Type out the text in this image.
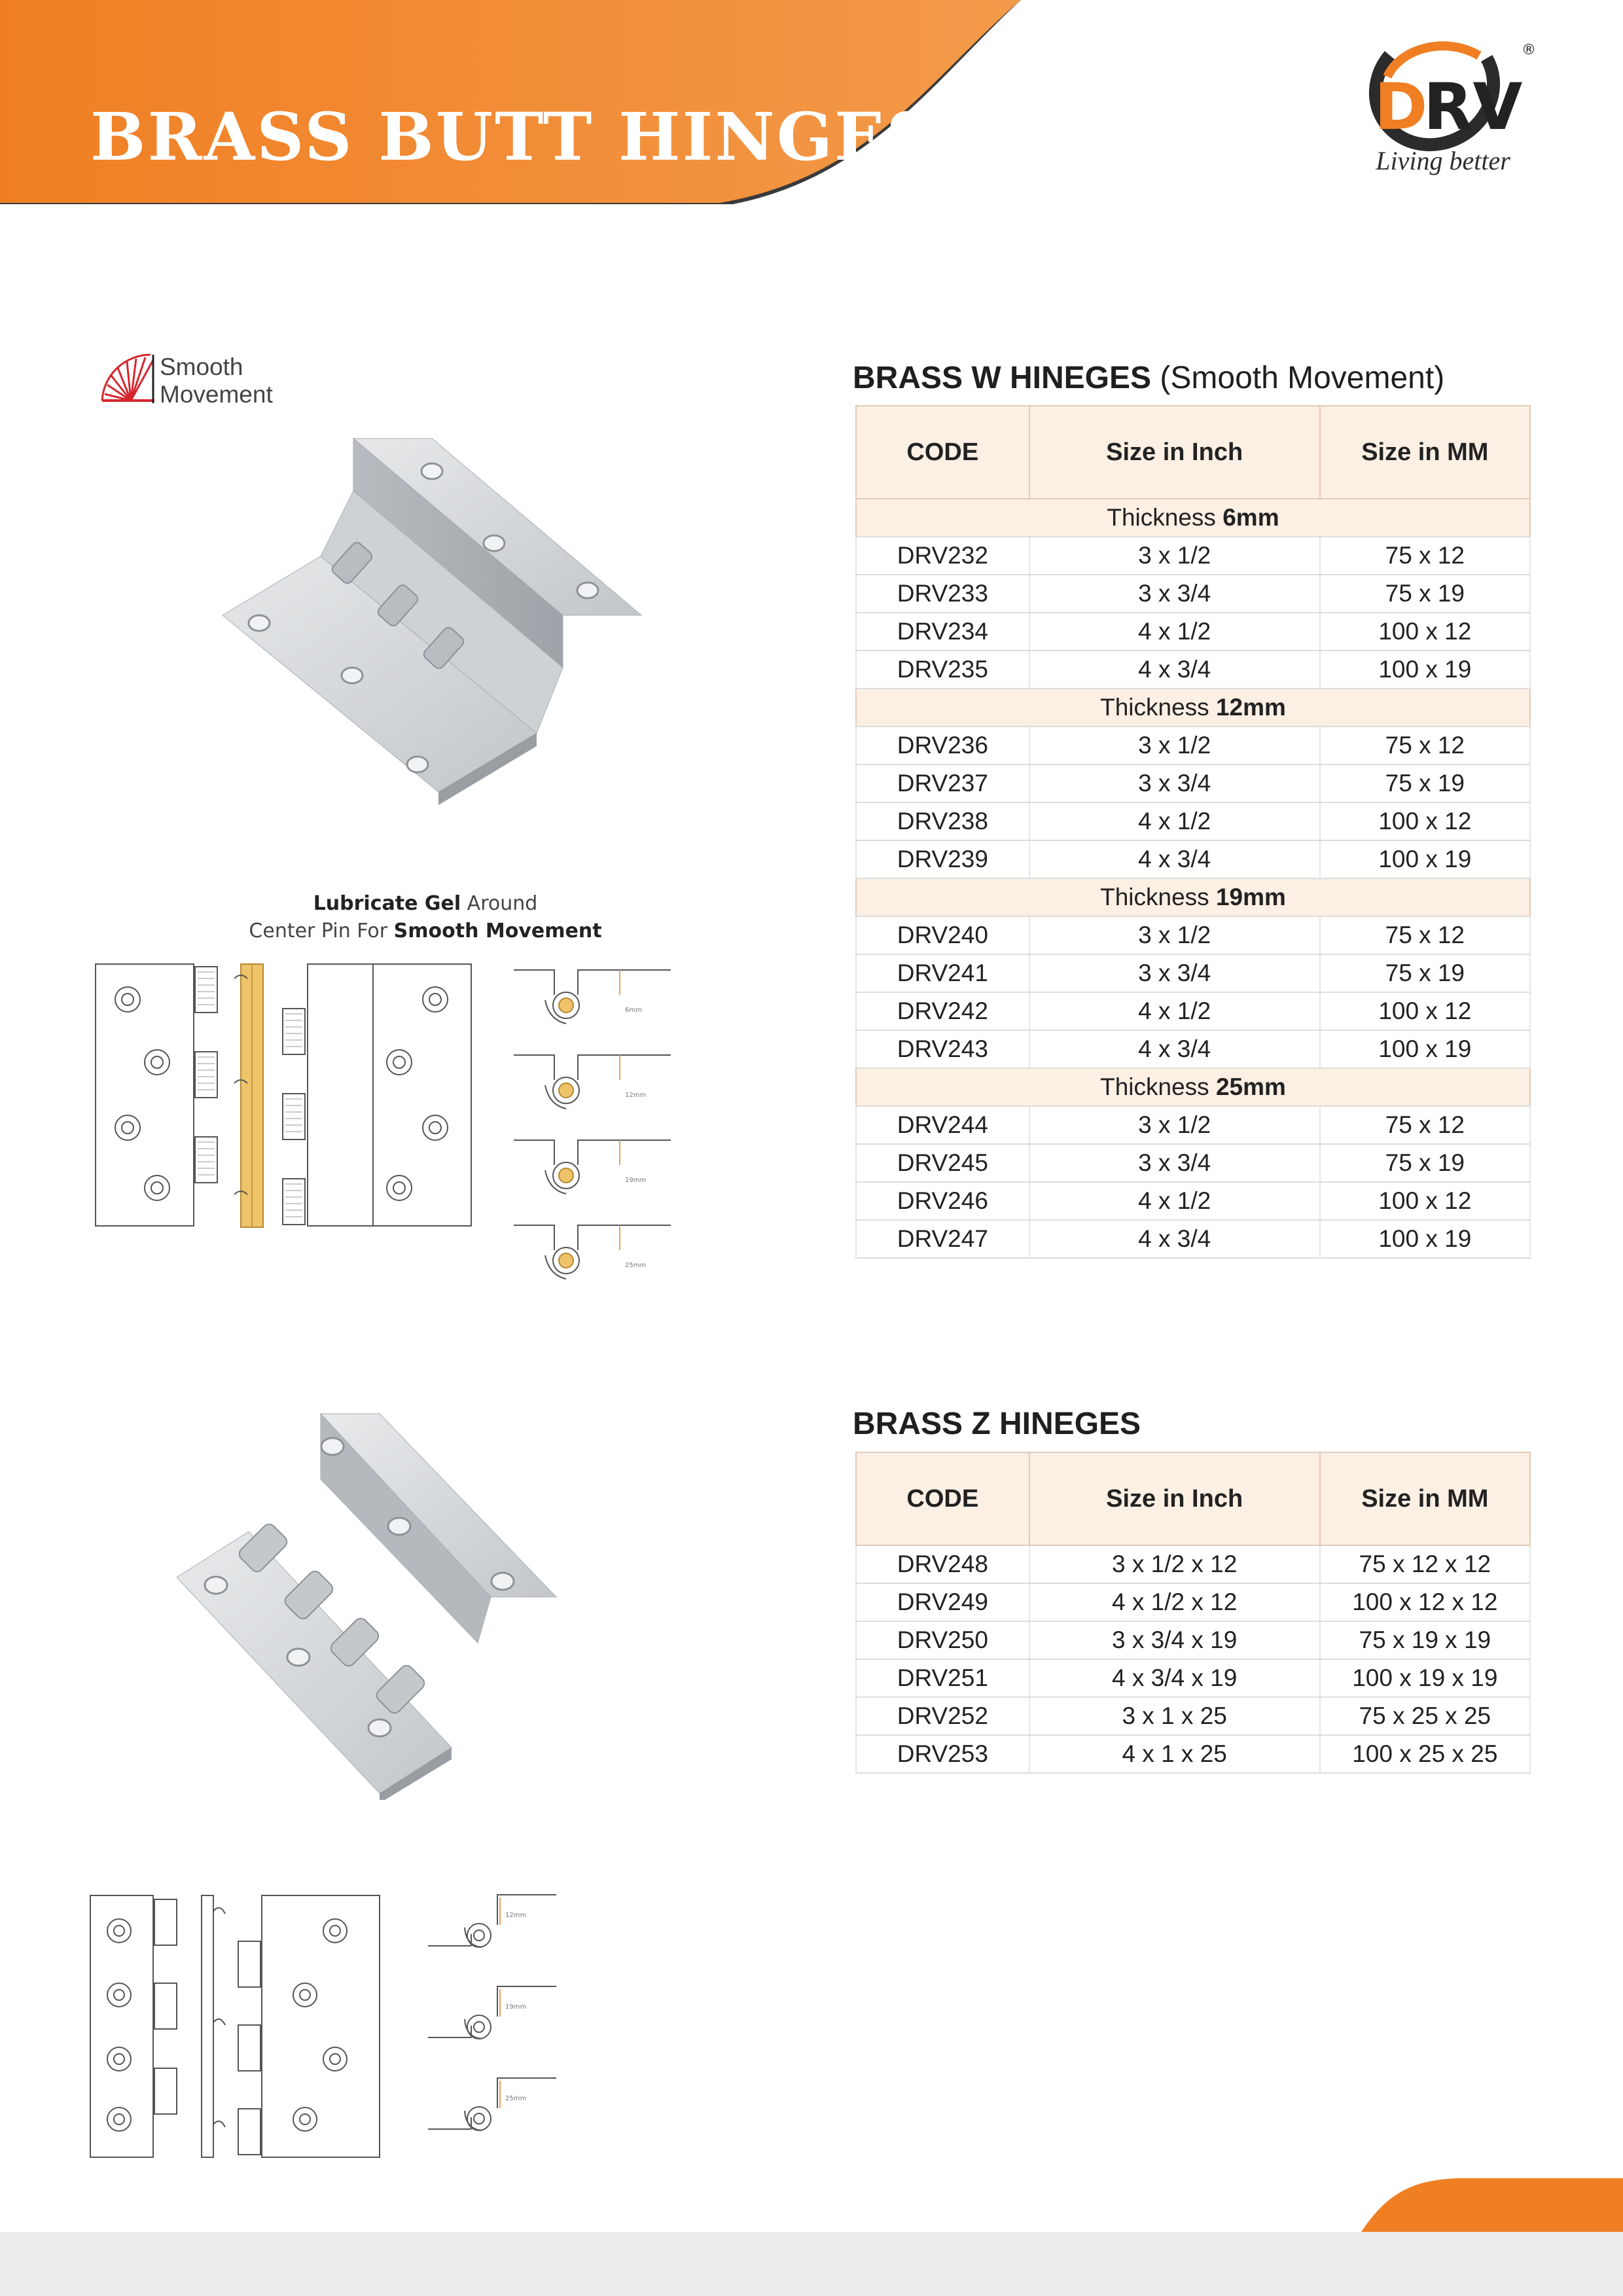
BRASS BUTT HINGES	D
RV
®
Living better
Smooth
Movement
Lubricate Gel Around
Center Pin For Smooth Movement
6mm
12mm
19mm
25mm
12mm
19mm
25mm
BRASS W HINEGES (Smooth Movement)
CODE	Size in Inch	Size in MM
Thickness 6mm		
DRV232	3 x 1/2	75 x 12
DRV233	3 x 3/4	75 x 19
DRV234	4 x 1/2	100 x 12
DRV235	4 x 3/4	100 x 19
Thickness 12mm		
DRV236	3 x 1/2	75 x 12
DRV237	3 x 3/4	75 x 19
DRV238	4 x 1/2	100 x 12
DRV239	4 x 3/4	100 x 19
Thickness 19mm		
DRV240	3 x 1/2	75 x 12
DRV241	3 x 3/4	75 x 19
DRV242	4 x 1/2	100 x 12
DRV243	4 x 3/4	100 x 19
Thickness 25mm		
DRV244	3 x 1/2	75 x 12
DRV245	3 x 3/4	75 x 19
DRV246	4 x 1/2	100 x 12
DRV247	4 x 3/4	100 x 19
BRASS Z HINEGES
CODE	Size in Inch	Size in MM
DRV248	3 x 1/2 x 12	75 x 12 x 12
DRV249	4 x 1/2 x 12	100 x 12 x 12
DRV250	3 x 3/4 x 19	75 x 19 x 19
DRV251	4 x 3/4 x 19	100 x 19 x 19
DRV252	3 x 1 x 25	75 x 25 x 25
DRV253	4 x 1 x 25	100 x 25 x 25
